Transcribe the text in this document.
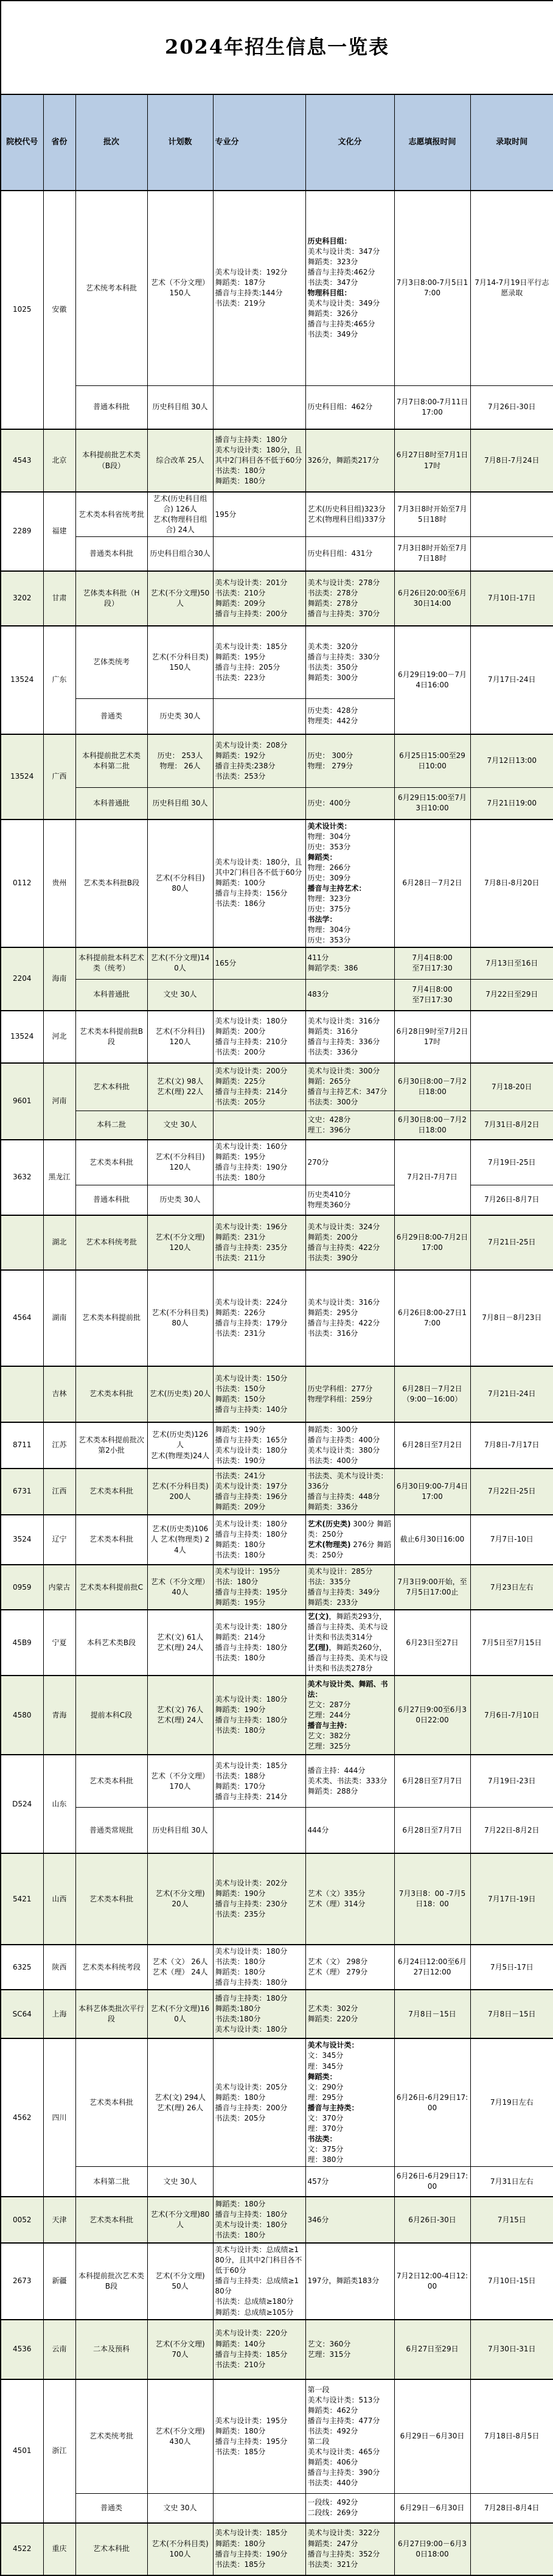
2024年招生信息一览表							
院校代号	省份	批次	计划数	专业分	文化分	志愿填报时间	录取时间
1025	安徽	艺术统考本科批	艺术（不分文理）150人	美术与设计类：192分
舞蹈类：187分
播音与主持类:144分
书法类：219分	历史科目组：
美术与设计类：347分
舞蹈类：323分
播音与主持类:462分
书法类：347分
物理科目组：
美术与设计类：349分
舞蹈类：326分
播音与主持类:465分
书法类：349分	7月3日8:00-7月5日17:00	7月14-7月19日平行志愿录取
		普通本科批	历史科目组 30人		历史科目组：462分	7月7日8:00-7月11日17:00	7月26日-30日
4543	北京	本科提前批艺术类（B段）	综合改革 25人	播音与主持类：180分
美术与设计类：180分，且其中2门科目各不低于60分
书法类：180分
舞蹈类：180分	326分，舞蹈类217分	6月27日8时至7月1日17时	7月8日-7月24日
2289	福建	艺术类本科省统考批	艺术(历史科目组合) 126人
艺术(物理科目组合) 24人	195分	艺术(历史科目组)323分
艺术(物理科目组)337分	7月3日8时开始至7月5日18时	
		普通类本科批	历史科目组合30人		历史科目组：431分	7月3日8时开始至7月7日18时	
3202	甘肃	艺体类本科批（H段）	艺术(不分文理)50人	美术与设计类：201分
书法类：210分
舞蹈类：209分
播音与主持类：200分	美术与设计类：278分
书法类：278分
舞蹈类：278分
播音与主持类：370分	6月26日20:00至6月30日14:00	7月10日-17日
13524	广东	艺体类统考	艺术(不分科目类) 150人	美术与设计类：185分
舞蹈类：195分
播音与主持：205分
书法类：223分	美术类：320分
播音与主持类：330分
书法类：350分
舞蹈类：300分	6月29日19:00－7月4日16:00	7月17日-24日
		普通类	历史类 30人		历史类：428分
物理类：442分		
13524	广西	本科提前批艺术类
本科第二批	历史： 253人
物理： 26人	美术与设计类：208分
舞蹈类：192分
播音主持类:238分
书法类：253分	历史： 300分
物理： 279分	6月25日15:00至29日10:00	7月12日13:00
		本科普通批	历史科目组 30人		历史：400分	6月29日15:00至7月3日10:00	7月21日19:00
0112	贵州	艺术类本科批B段	艺术(不分科目)
80人	美术与设计类：180分，且其中2门科目各不低于60分
舞蹈类：100分
播音与主持类：156分
书法类：186分	美术设计类：
物理：304分
历史：353分
舞蹈类：
物理：266分
历史：309分
播音与主持艺术：
物理：323分
历史：375分
书法学：
物理：304分
历史：353分	6月28日－7月2日	7月8日-8月20日
2204	海南	本科提前批本科艺术类（统考）	艺术(不分文理)140人	165分	411分
舞蹈学类：386	7月4日8:00
至7日17:30	7月13日至16日
		本科普通批	文史 30人		483分	7月4日8:00
至7日17:30	7月22日至29日
13524	河北	艺术类本科提前批B段	艺术(不分科目)
120人	美术与设计类：180分
舞蹈类：200分
播音与主持类：210分
书法类：200分	美术与设计类：316分
舞蹈类：316分
播音与主持类：336分
书法类：336分	6月28日9时至7月2日17时	
9601	河南	艺术本科批	艺术(文) 98人
艺术(理) 22人	美术与设计类：200分
舞蹈类：225分
播音与主持类：214分
书法类：205分	美术与设计类：300分
舞蹈：265分
播音与主持艺术：347分
书法类：300分	6月30日8:00－7月2日18:00	7月18-20日
		本科二批	文史 30人		文史：428分
理工：396分	6月30日8:00－7月2日18:00	7月31日-8月2日
3632	黑龙江	艺术类本科批	艺术(不分科目)
120人	美术与设计类：160分
舞蹈类：195分
播音与主持类：190分
书法类：180分	270分	7月2日-7月7日	7月19日-25日
		普通本科批	历史类 30人		历史类410分
物理类360分		7月26日-8月7日
	湖北	艺术本科统考批	艺术(不分文理)
120人	美术与设计类：196分
舞蹈类：231分
播音与主持类：235分
书法类：211分	美术与设计类：324分
舞蹈类：200分
播音与主持类：422分
书法类：390分	6月29日8:00-7月2日17:00	7月21日-25日
4564	湖南	艺术类本科提前批	艺术(不分科目类) 80人	美术与设计类：224分
舞蹈类：226分
播音与主持类：179分
书法类：231分	美术与设计类：316分
舞蹈类：295分
播音与主持类：422分
书法类：316分	6月26日8:00-27日17:00	7月8日－8月23日
	吉林	艺术类本科批	艺术(历史类) 20人	美术与设计类：150分
书法类：150分
舞蹈类：150分
播音与主持类：140分	历史学科组：277分
物理学科组：259分	6月28日－7月2日
（9:00－16:00）	7月21日-24日
8711	江苏	艺术类本科提前批次第2小批	艺术(历史类)126人
艺术(物理类)24人	舞蹈类：190分
播音与主持类：165分
美术与设计类：180分
书法类：190分	舞蹈类：300分
播音与主持类：400分
美术与设计类：380分
书法类：400分	6月28日至7月2日	7月8日-7月17日
6731	江西	艺术类本科批	艺术(不分科目类) 200人	书法类：241分
美术与设计类：197分
播音与主持类：196分
舞蹈类：209分	书法类、美术与设计类：336分
播音与主持类：448分
舞蹈类：336分	6月30日9:00-7月4日17:00	7月22日-25日
3524	辽宁	艺术类本科批	艺术(历史类)106人 艺术(物理类) 24人	美术与设计类：180分
播音与主持类：180分
舞蹈类：180分
书法类：180分	艺术(历史类) 300分 舞蹈类：250分
艺术(物理类) 276分 舞蹈类：250分	截止6月30日16:00	7月7日-10日
0959	内蒙古	艺术类本科提前批C	艺术（不分文理） 40人	美术与设计：195分
书法：180分
播音与主持类：195分
舞蹈类：195分	美术与设计：285分
书法：335分
播音与主持类：349分
舞蹈类：233分	7月3日9:00开始，至7月5日17:00止	7月23日左右
45B9	宁夏	本科艺术类B段	艺术(文) 61人
艺术(理) 24人	美术与设计类：180分
舞蹈类：214分
播音与主持类：180分
书法类：180分	艺(文)，舞蹈类293分，播音与主持类、美术与设计类和书法类314分
艺(理)，舞蹈类260分，播音与主持类、美术与设计类和书法类278分	6月23日至27日	7月5日至7月15日
4580	青海	提前本科C段	艺术(文) 76人
艺术(理) 24人	美术与设计类：180分
舞蹈类：190分
播音与主持类：180分
书法类：180分	美术与设计类、舞蹈、书法：
艺文：287分
艺理：244分
播音与主持：
艺文：382分
艺理：325分	6月27日9:00至6月30日22:00	7月6日-7月10日
D524	山东	艺术类本科批	艺术（不分文理）170人	美术与设计类：185分
书法类：188分
舞蹈类：170分
播音与主持类：214分	播音主持：444分
美术类、书法类：333分 舞蹈类：288分	6月28日至7月7日	7月19日-23日
		普通类常规批	历史科目组 30人		444分	6月28日至7月7日	7月22日-8月2日
5421	山西	艺术类本科批	艺术(不分文理)
20人	美术与设计类：202分
舞蹈类：190分
播音与主持类：230分
书法类：235分	艺术（文）335分
艺术（理）314分	7月3日8：00 -7月5日18：00	7月17日-19日
6325	陕西	艺术类本科统考段	艺术（文） 26人
艺术（理） 24人	美术与设计类：180分
书法类：180分
舞蹈类：180分
播音与主持类：180分	艺术（文） 298分
艺术（理） 279分	6月24日12:00至6月27日12:00	7月5日-17日
SC64	上海	本科艺体类批次平行段	艺术(不分文理)160人	播音与主持类：180分
舞蹈类:180分
书法类:180分
美术与设计类：180分	艺术类：302分
舞蹈类：220分	7月8日－15日	7月8日－15日
4562	四川	艺术类本科批	艺术(文) 294人
艺术(理) 26人	美术与设计类：205分
舞蹈类：180分
播音与主持类：200分
书法类：205分	美术与设计类：
文：345分
理：345分
舞蹈类：
文：290分
理：295分
播音与主持类：
文：370分
理：370分
书法类：
文：375分
理：380分	6月26日-6月29日17:00	7月19日左右
		本科第二批	文史 30人		457分	6月26日-6月29日17:00	7月31日左右
0052	天津	艺术类本科批	艺术(不分文理)80人	舞蹈类：180分
播音与主持类：180分
美术与设计类：180分
书法类：180分	346分	6月26日-30日	7月15日
2673	新疆	本科提前批次艺术类B段	艺术(不分文理)
50人	美术与设计类：总成绩≥180分，且其中2门科目各不低于60分
播音与主持类：总成绩≥180分
书法类：总成绩≥180分
舞蹈类：总成绩≥105分	197分，舞蹈类183分	7月2日12:00-4日12:00	7月10日-15日
4536	云南	二本及预科	艺术(不分文理)
70人	美术与设计类：220分
舞蹈类：140分
播音与主持类：185分
书法类：210分	艺文：360分
艺理：315分	6月27日至29日	7月30日-31日
4501	浙江	艺术类统考批	艺术(不分文理)
430人	美术与设计类：195分
舞蹈类：180分
播音与主持类：195分
书法类：185分	第一段
美术与设计类：513分
舞蹈类：462分
播音与主持类：477分
书法类：492分
第二段
美术与设计类：465分
舞蹈类：406分
播音与主持类：390分
书法类：440分	6月29日－6月30日	7月18日-8月5日
		普通类	文史 30人		一段线：492分
二段线：269分	6月29日－6月30日	7月28日-8月4日
4522	重庆	艺术本科批	艺术(不分科目类) 100人	美术与设计类：185分
舞蹈类：180分
播音与主持类：190分
书法类：185分	美术与设计类：322分
舞蹈类：247分
播音与主持类：352分
书法类：321分	6月27日9:00－6月30日18:00	
